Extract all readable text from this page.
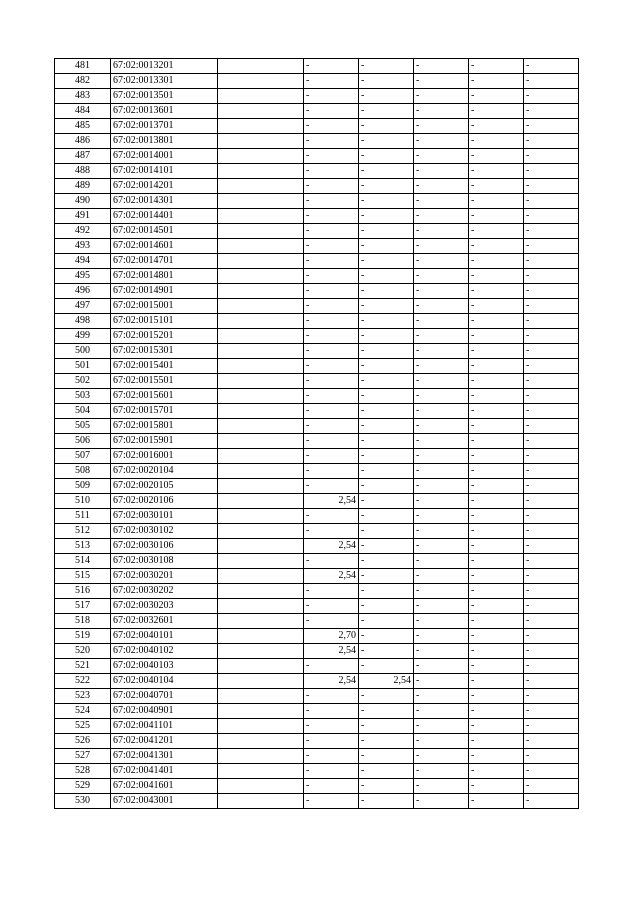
481	67:02:0013201		-	-	-	-	-
482	67:02:0013301		-	-	-	-	-
483	67:02:0013501		-	-	-	-	-
484	67:02:0013601		-	-	-	-	-
485	67:02:0013701		-	-	-	-	-
486	67:02:0013801		-	-	-	-	-
487	67:02:0014001		-	-	-	-	-
488	67:02:0014101		-	-	-	-	-
489	67:02:0014201		-	-	-	-	-
490	67:02:0014301		-	-	-	-	-
491	67:02:0014401		-	-	-	-	-
492	67:02:0014501		-	-	-	-	-
493	67:02:0014601		-	-	-	-	-
494	67:02:0014701		-	-	-	-	-
495	67:02:0014801		-	-	-	-	-
496	67:02:0014901		-	-	-	-	-
497	67:02:0015001		-	-	-	-	-
498	67:02:0015101		-	-	-	-	-
499	67:02:0015201		-	-	-	-	-
500	67:02:0015301		-	-	-	-	-
501	67:02:0015401		-	-	-	-	-
502	67:02:0015501		-	-	-	-	-
503	67:02:0015601		-	-	-	-	-
504	67:02:0015701		-	-	-	-	-
505	67:02:0015801		-	-	-	-	-
506	67:02:0015901		-	-	-	-	-
507	67:02:0016001		-	-	-	-	-
508	67:02:0020104		-	-	-	-	-
509	67:02:0020105		-	-	-	-	-
510	67:02:0020106		2,54	-	-	-	-
511	67:02:0030101		-	-	-	-	-
512	67:02:0030102		-	-	-	-	-
513	67:02:0030106		2,54	-	-	-	-
514	67:02:0030108		-	-	-	-	-
515	67:02:0030201		2,54	-	-	-	-
516	67:02:0030202		-	-	-	-	-
517	67:02:0030203		-	-	-	-	-
518	67:02:0032601		-	-	-	-	-
519	67:02:0040101		2,70	-	-	-	-
520	67:02:0040102		2,54	-	-	-	-
521	67:02:0040103		-	-	-	-	-
522	67:02:0040104		2,54	2,54	-	-	-
523	67:02:0040701		-	-	-	-	-
524	67:02:0040901		-	-	-	-	-
525	67:02:0041101		-	-	-	-	-
526	67:02:0041201		-	-	-	-	-
527	67:02:0041301		-	-	-	-	-
528	67:02:0041401		-	-	-	-	-
529	67:02:0041601		-	-	-	-	-
530	67:02:0043001		-	-	-	-	-
